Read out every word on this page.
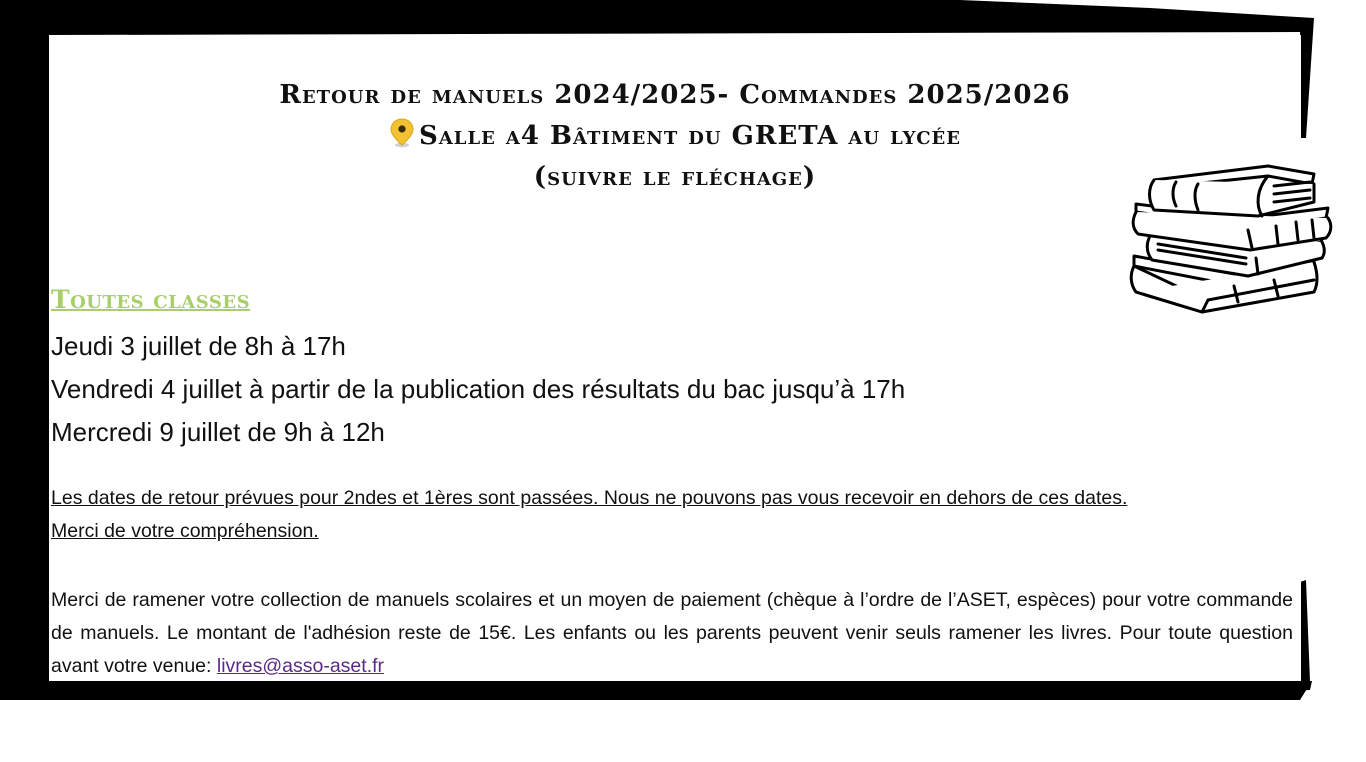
Retour de manuels 2024/2025- Commandes 2025/2026
Salle a4 Bâtiment du GRETA au lycée
(suivre le fléchage)
Toutes classes
Jeudi 3 juillet de 8h à 17h
Vendredi 4 juillet à partir de la publication des résultats du bac jusqu’à 17h
Mercredi 9 juillet de 9h à 12h
Les dates de retour prévues pour 2ndes et 1ères sont passées. Nous ne pouvons pas vous recevoir en dehors de ces dates.
Merci de votre compréhension.
Merci de ramener votre collection de manuels scolaires et un moyen de paiement (chèque à l’ordre de l’ASET, espèces) pour votre commande de manuels. Le montant de l'adhésion reste de 15€. Les enfants ou les parents peuvent venir seuls ramener les livres. Pour toute question avant votre venue: livres@asso-aset.fr
